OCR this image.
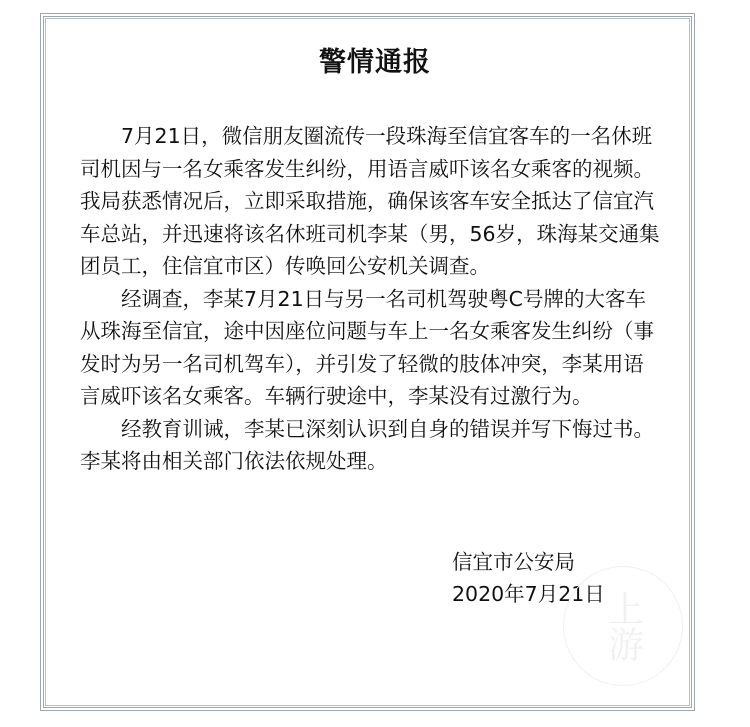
警情通报

7月21日，微信朋友圈流传一段珠海至信宜客车的一名休班司机因与一名女乘客发生纠纷，用语言威吓该名女乘客的视频。我局获悉情况后，立即采取措施，确保该客车安全抵达了信宜汽车总站，并迅速将该名休班司机李某（男，56岁，珠海某交通集团员工，住信宜市区）传唤回公安机关调查。

经调查，李某7月21日与另一名司机驾驶粤C号牌的大客车从珠海至信宜，途中因座位问题与车上一名女乘客发生纠纷（事发时为另一名司机驾车），并引发了轻微的肢体冲突，李某用语言威吓该名女乘客。车辆行驶途中，李某没有过激行为。

经教育训诫，李某已深刻认识到自身的错误并写下悔过书。李某将由相关部门依法依规处理。

信宜市公安局
2020年7月21日
上游
